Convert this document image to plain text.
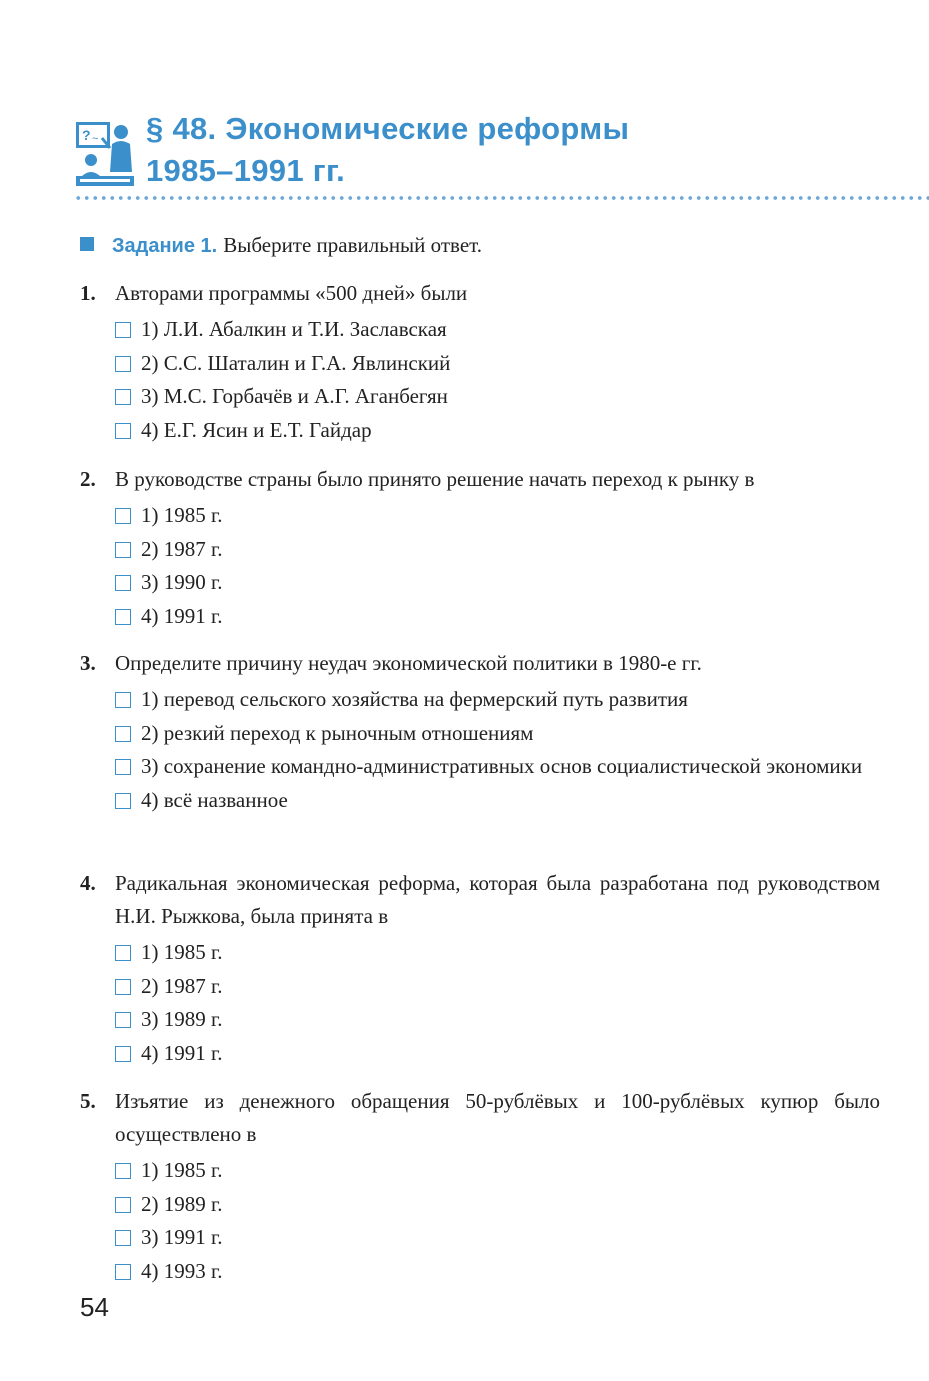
? ~ § 48. Экономические реформы
1985–1991 гг.
Задание 1. Выберите правильный ответ.
1. Авторами программы «500 дней» были
1) Л.И. Абалкин и Т.И. Заславская
2) С.С. Шаталин и Г.А. Явлинский
3) М.С. Горбачёв и А.Г. Аганбегян
4) Е.Г. Ясин и Е.Т. Гайдар
2. В руководстве страны было принято решение начать переход к рынку в
1) 1985 г.
2) 1987 г.
3) 1990 г.
4) 1991 г.
3. Определите причину неудач экономической политики в 1980-е гг.
1) перевод сельского хозяйства на фермерский путь развития
2) резкий переход к рыночным отношениям
3) сохранение командно-административных основ социалистической экономики
4) всё названное
4. Радикальная экономическая реформа, которая была разработана под руководством Н.И. Рыжкова, была принята в
1) 1985 г.
2) 1987 г.
3) 1989 г.
4) 1991 г.
5. Изъятие из денежного обращения 50-рублёвых и 100-рублёвых купюр было осуществлено в
1) 1985 г.
2) 1989 г.
3) 1991 г.
4) 1993 г.

54
